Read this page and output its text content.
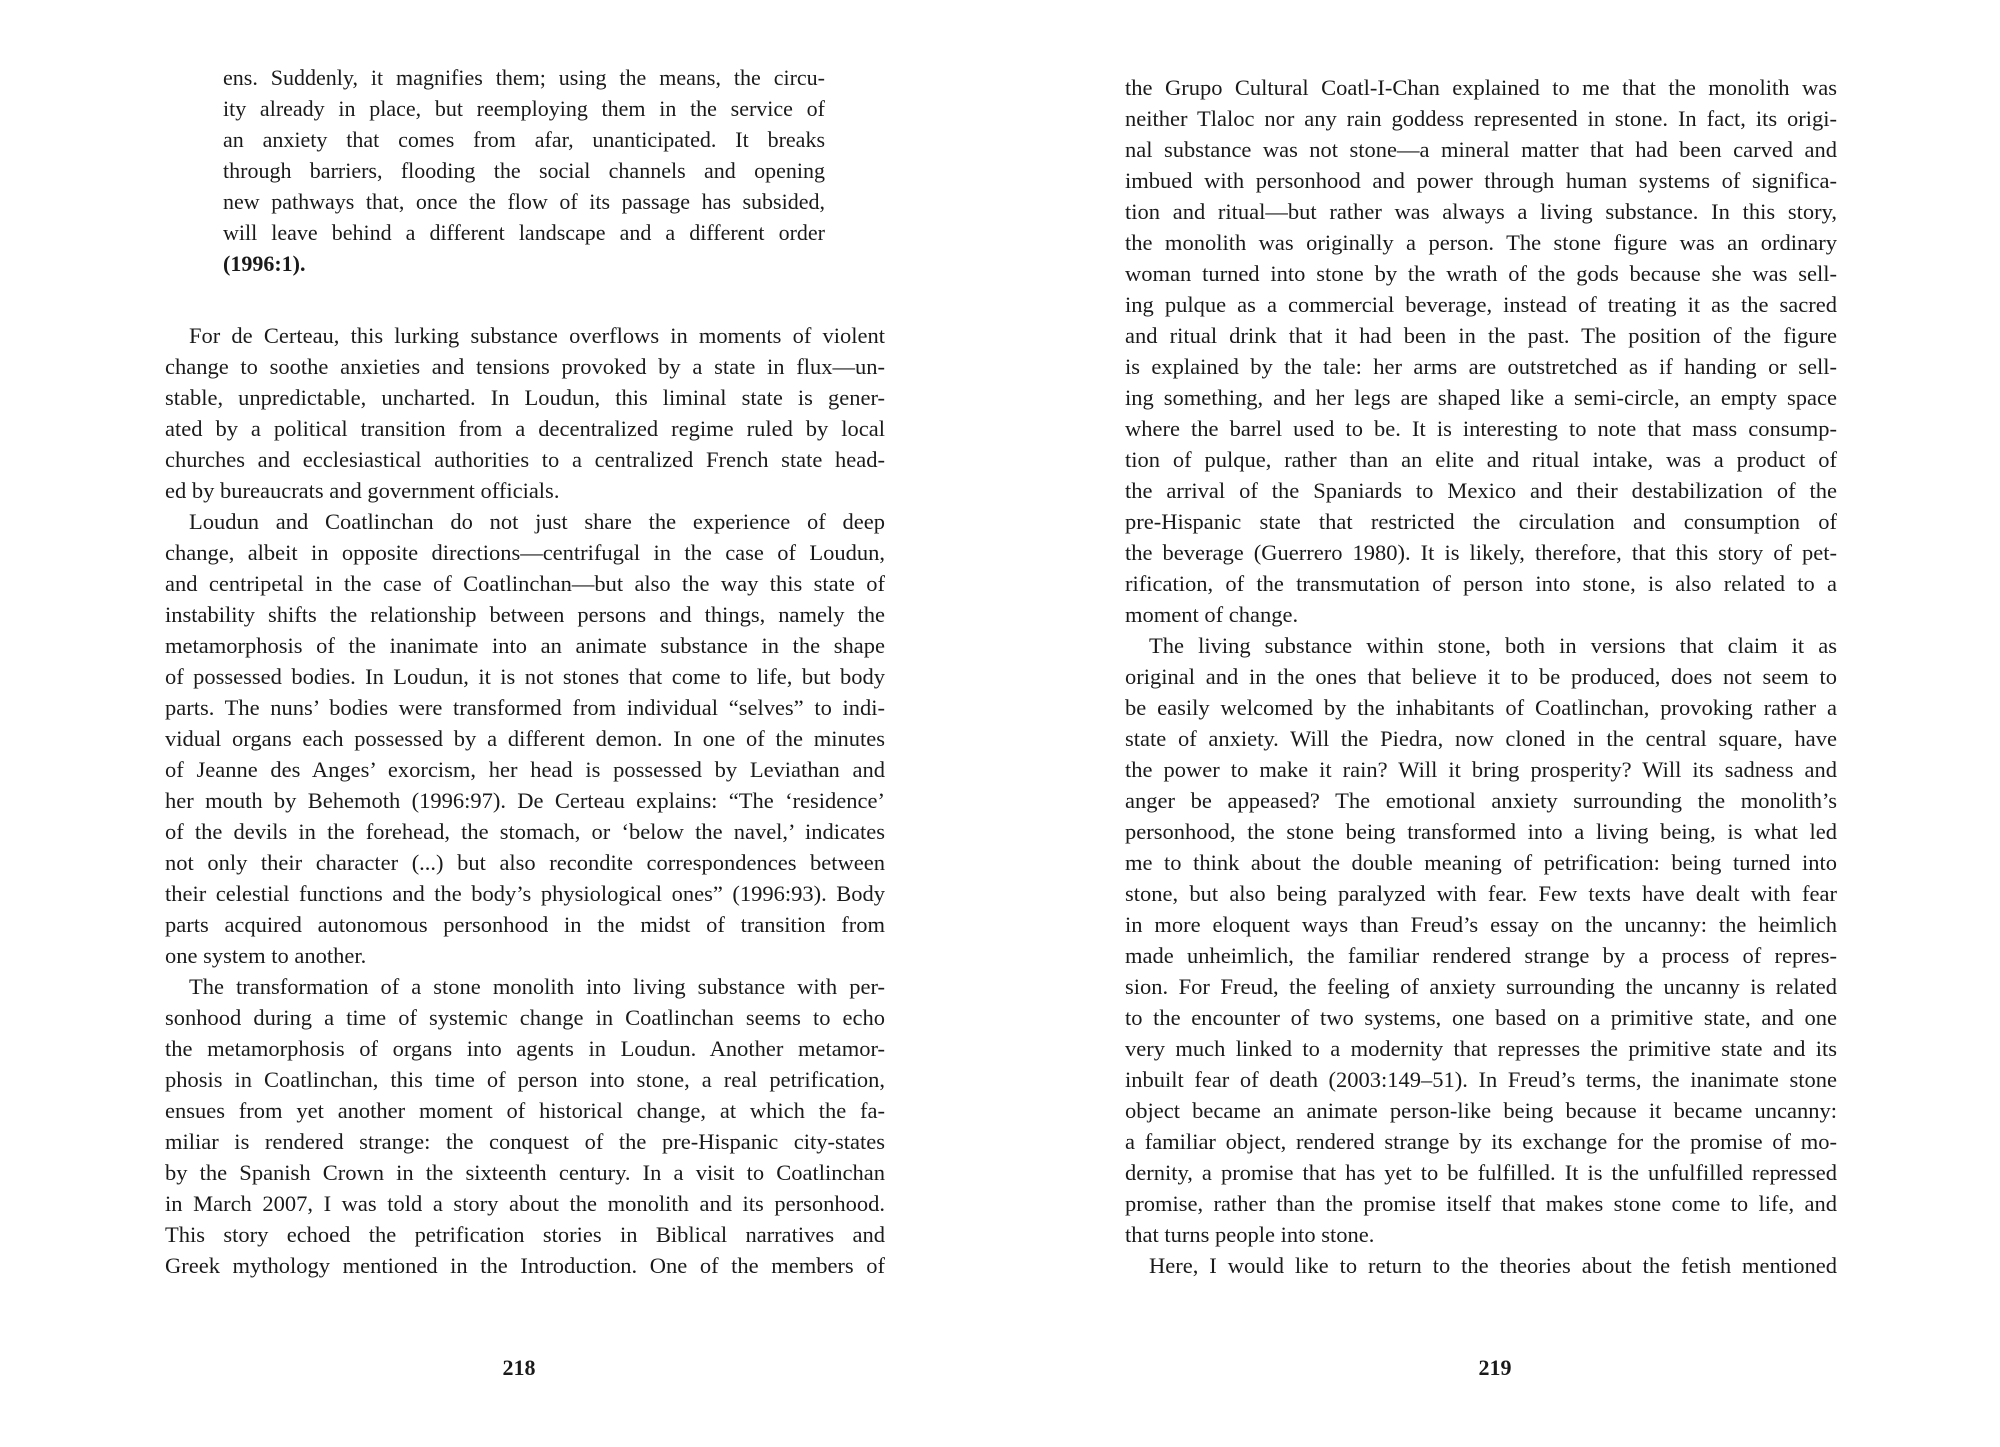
ens. Suddenly, it magnifies them; using the means, the circu-
ity already in place, but reemploying them in the service of
an anxiety that comes from afar, unanticipated. It breaks
through barriers, flooding the social channels and opening
new pathways that, once the flow of its passage has subsided,
will leave behind a different landscape and a different order
(1996:1).
For de Certeau, this lurking substance overflows in moments of violent
change to soothe anxieties and tensions provoked by a state in flux—un-
stable, unpredictable, uncharted. In Loudun, this liminal state is gener-
ated by a political transition from a decentralized regime ruled by local
churches and ecclesiastical authorities to a centralized French state head-
ed by bureaucrats and government officials.
Loudun and Coatlinchan do not just share the experience of deep
change, albeit in opposite directions—centrifugal in the case of Loudun,
and centripetal in the case of Coatlinchan—but also the way this state of
instability shifts the relationship between persons and things, namely the
metamorphosis of the inanimate into an animate substance in the shape
of possessed bodies. In Loudun, it is not stones that come to life, but body
parts. The nuns’ bodies were transformed from individual “selves” to indi-
vidual organs each possessed by a different demon. In one of the minutes
of Jeanne des Anges’ exorcism, her head is possessed by Leviathan and
her mouth by Behemoth (1996:97). De Certeau explains: “The ‘residence’
of the devils in the forehead, the stomach, or ‘below the navel,’ indicates
not only their character (...) but also recondite correspondences between
their celestial functions and the body’s physiological ones” (1996:93). Body
parts acquired autonomous personhood in the midst of transition from
one system to another.
The transformation of a stone monolith into living substance with per-
sonhood during a time of systemic change in Coatlinchan seems to echo
the metamorphosis of organs into agents in Loudun. Another metamor-
phosis in Coatlinchan, this time of person into stone, a real petrification,
ensues from yet another moment of historical change, at which the fa-
miliar is rendered strange: the conquest of the pre-Hispanic city-states
by the Spanish Crown in the sixteenth century. In a visit to Coatlinchan
in March 2007, I was told a story about the monolith and its personhood.
This story echoed the petrification stories in Biblical narratives and
Greek mythology mentioned in the Introduction. One of the members of
218
the Grupo Cultural Coatl-I-Chan explained to me that the monolith was
neither Tlaloc nor any rain goddess represented in stone. In fact, its origi-
nal substance was not stone—a mineral matter that had been carved and
imbued with personhood and power through human systems of significa-
tion and ritual—but rather was always a living substance. In this story,
the monolith was originally a person. The stone figure was an ordinary
woman turned into stone by the wrath of the gods because she was sell-
ing pulque as a commercial beverage, instead of treating it as the sacred
and ritual drink that it had been in the past. The position of the figure
is explained by the tale: her arms are outstretched as if handing or sell-
ing something, and her legs are shaped like a semi-circle, an empty space
where the barrel used to be. It is interesting to note that mass consump-
tion of pulque, rather than an elite and ritual intake, was a product of
the arrival of the Spaniards to Mexico and their destabilization of the
pre-Hispanic state that restricted the circulation and consumption of
the beverage (Guerrero 1980). It is likely, therefore, that this story of pet-
rification, of the transmutation of person into stone, is also related to a
moment of change.
The living substance within stone, both in versions that claim it as
original and in the ones that believe it to be produced, does not seem to
be easily welcomed by the inhabitants of Coatlinchan, provoking rather a
state of anxiety. Will the Piedra, now cloned in the central square, have
the power to make it rain? Will it bring prosperity? Will its sadness and
anger be appeased? The emotional anxiety surrounding the monolith’s
personhood, the stone being transformed into a living being, is what led
me to think about the double meaning of petrification: being turned into
stone, but also being paralyzed with fear. Few texts have dealt with fear
in more eloquent ways than Freud’s essay on the uncanny: the heimlich
made unheimlich, the familiar rendered strange by a process of repres-
sion. For Freud, the feeling of anxiety surrounding the uncanny is related
to the encounter of two systems, one based on a primitive state, and one
very much linked to a modernity that represses the primitive state and its
inbuilt fear of death (2003:149–51). In Freud’s terms, the inanimate stone
object became an animate person-like being because it became uncanny:
a familiar object, rendered strange by its exchange for the promise of mo-
dernity, a promise that has yet to be fulfilled. It is the unfulfilled repressed
promise, rather than the promise itself that makes stone come to life, and
that turns people into stone.
Here, I would like to return to the theories about the fetish mentioned
219
